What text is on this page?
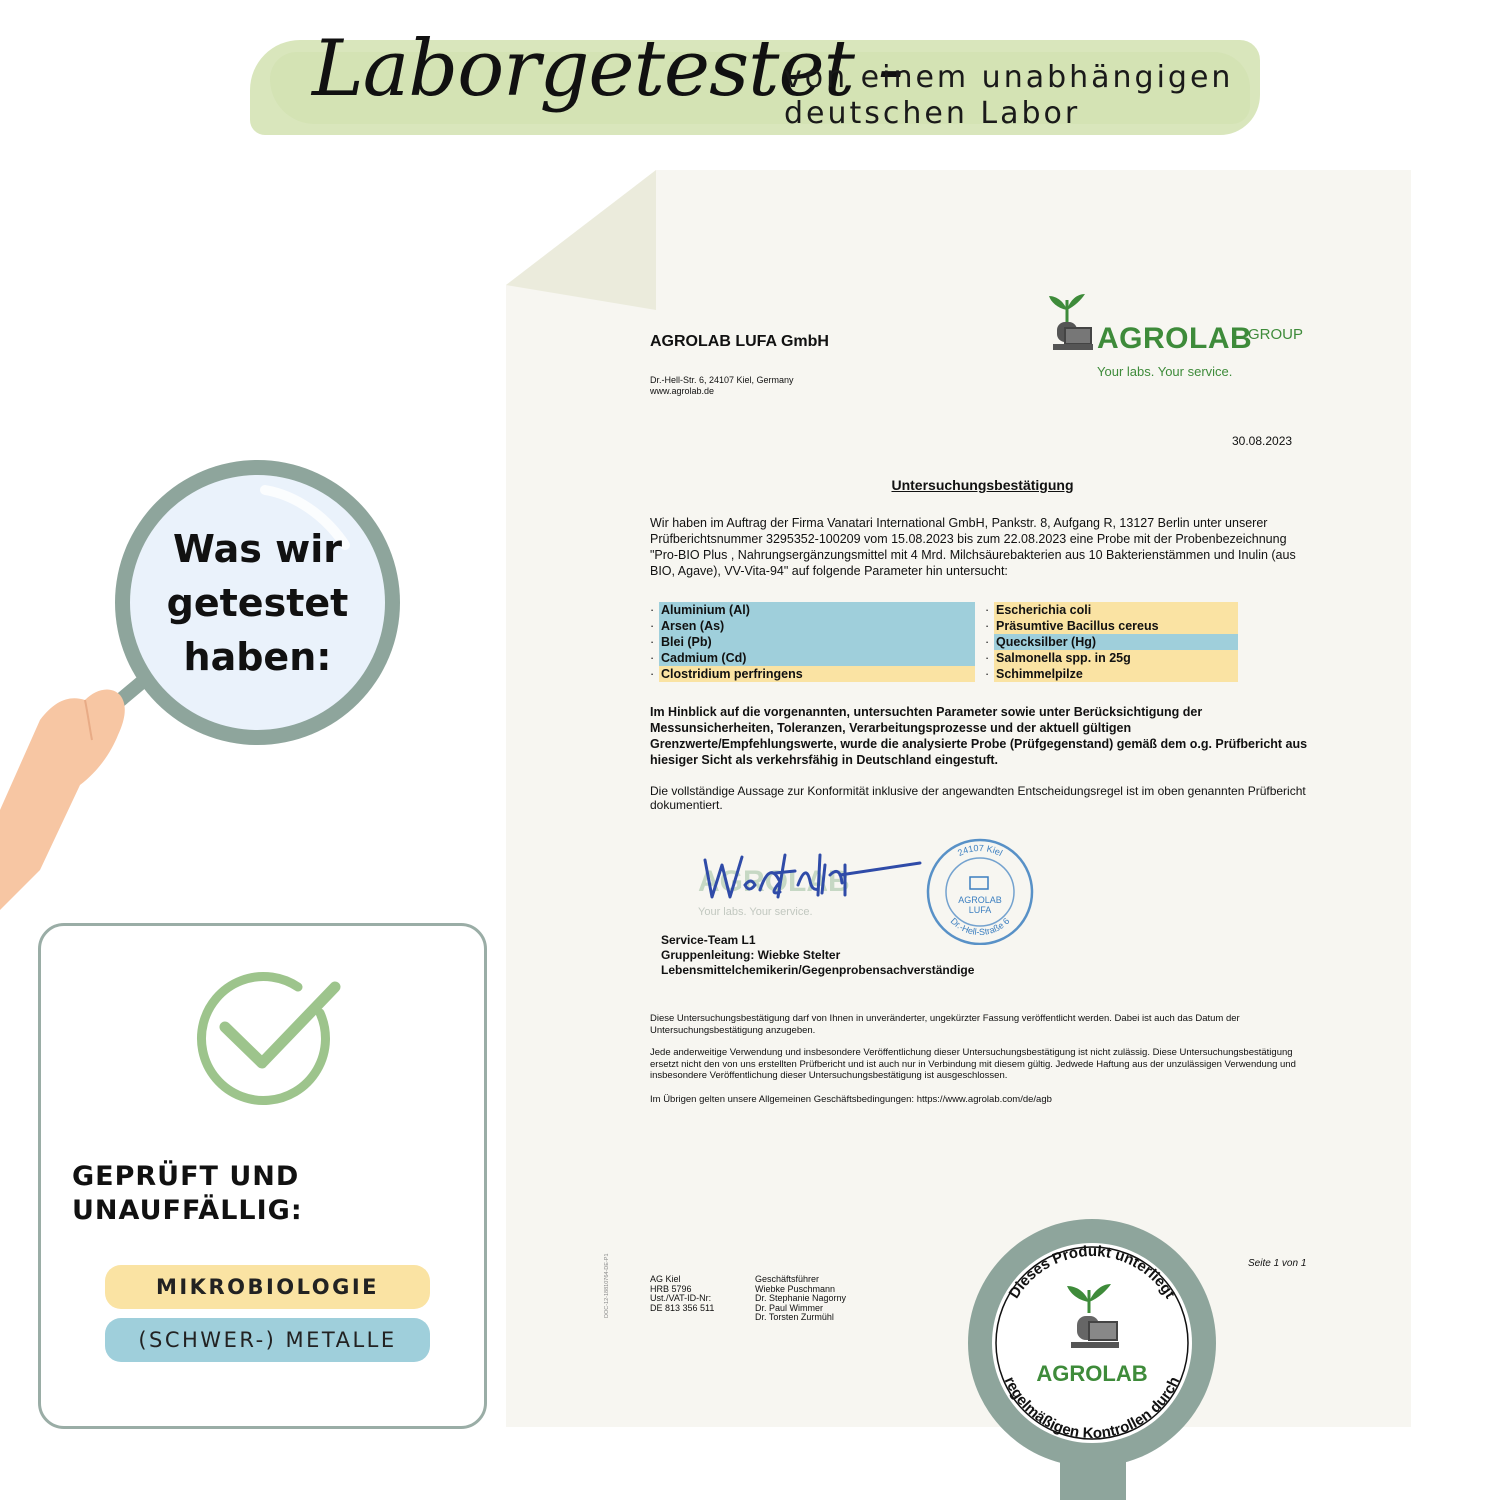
Laborgetestet -
von einem unabhängigen
deutschen Labor
AGROLAB LUFA GmbH
Dr.-Hell-Str. 6, 24107 Kiel, Germany
www.agrolab.de
AGROLAB
GROUP
Your labs. Your service.
30.08.2023
Untersuchungsbestätigung
Wir haben im Auftrag der Firma Vanatari International GmbH, Pankstr. 8, Aufgang R, 13127 Berlin unter unserer Prüfberichtsnummer 3295352-100209 vom 15.08.2023 bis zum 22.08.2023 eine Probe mit der Probenbezeichnung "Pro-BIO Plus , Nahrungsergänzungsmittel mit 4 Mrd. Milchsäurebakterien aus 10 Bakterienstämmen und Inulin (aus BIO, Agave), VV-Vita-94" auf folgende Parameter hin untersucht:
· Aluminium (Al)
· Arsen (As)
· Blei (Pb)
· Cadmium (Cd)
· Clostridium perfringens
· Escherichia coli
· Präsumtive Bacillus cereus
· Quecksilber (Hg)
· Salmonella spp. in 25g
· Schimmelpilze
Im Hinblick auf die vorgenannten, untersuchten Parameter sowie unter Berücksichtigung der Messunsicherheiten, Toleranzen, Verarbeitungsprozesse und der aktuell gültigen Grenzwerte/Empfehlungswerte, wurde die analysierte Probe (Prüfgegenstand) gemäß dem o.g. Prüfbericht aus hiesiger Sicht als verkehrsfähig in Deutschland eingestuft.
Die vollständige Aussage zur Konformität inklusive der angewandten Entscheidungsregel ist im oben genannten Prüfbericht dokumentiert.
AGROLAB
Your labs. Your service.
24107 Kiel
Dr.-Hell-Straße 6
AGROLAB
LUFA
Service-Team L1
Gruppenleitung: Wiebke Stelter
Lebensmittelchemikerin/Gegenprobensachverständige
Diese Untersuchungsbestätigung darf von Ihnen in unveränderter, ungekürzter Fassung veröffentlicht werden. Dabei ist auch das Datum der Untersuchungsbestätigung anzugeben.
Jede anderweitige Verwendung und insbesondere Veröffentlichung dieser Untersuchungsbestätigung ist nicht zulässig. Diese Untersuchungsbestätigung ersetzt nicht den von uns erstellten Prüfbericht und ist auch nur in Verbindung mit diesem gültig. Jedwede Haftung aus der unzulässigen Verwendung und insbesondere Veröffentlichung dieser Untersuchungsbestätigung ist ausgeschlossen.
Im Übrigen gelten unsere Allgemeinen Geschäftsbedingungen: https://www.agrolab.com/de/agb
AG Kiel
HRB 5796
Ust./VAT-ID-Nr:
DE 813 356 511
Geschäftsführer
Wiebke Puschmann
Dr. Stephanie Nagorny
Dr. Paul Wimmer
Dr. Torsten Zurmühl
Seite 1 von 1
DOC-12-18810764-DE-P1
Was wir
getestet
haben:
GEPRÜFT UND
UNAUFFÄLLIG:
MIKROBIOLOGIE
(SCHWER-) METALLE
Dieses Produkt unterliegt
regelmäßigen Kontrollen durch
AGROLAB
